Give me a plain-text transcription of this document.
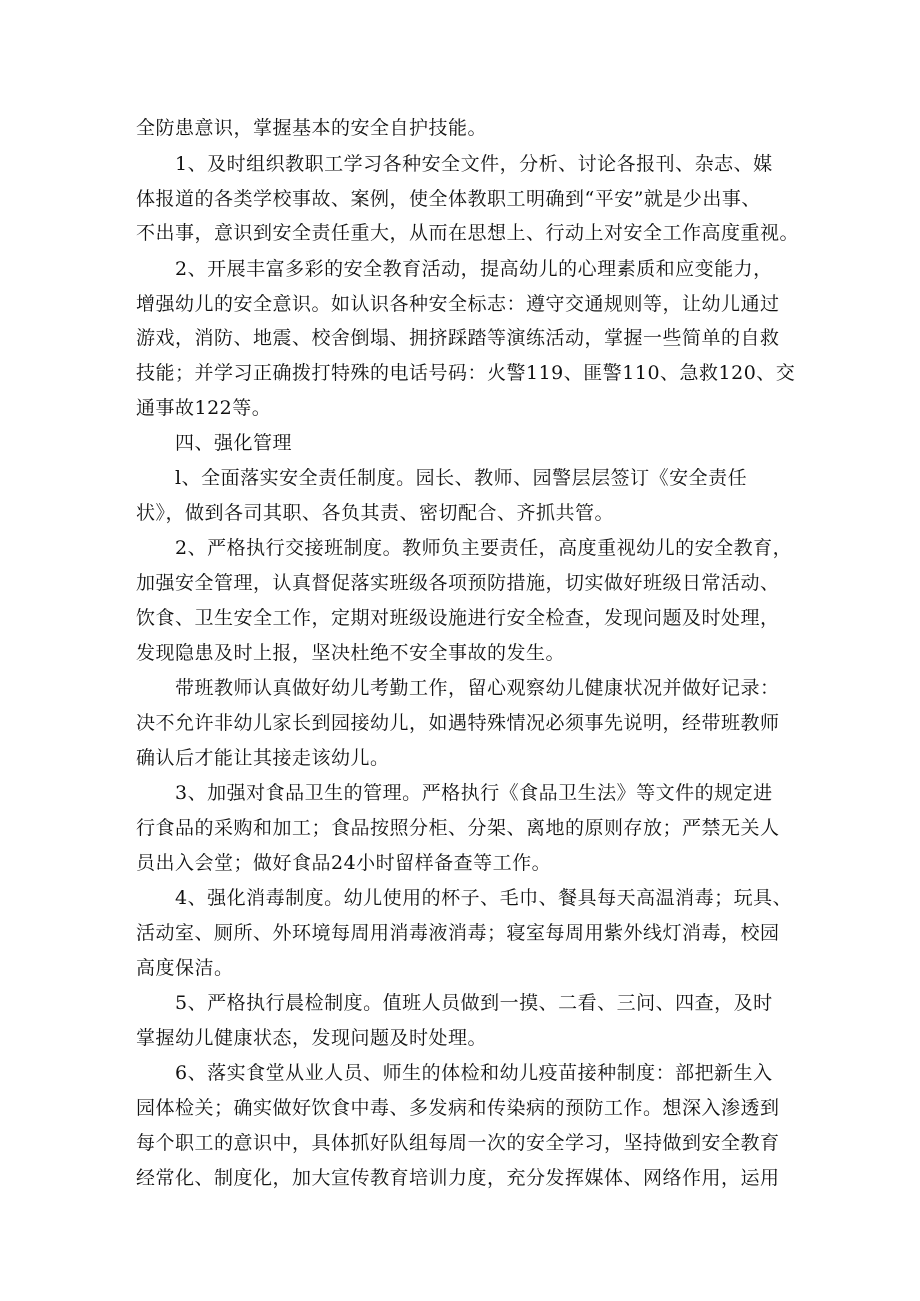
全防患意识，掌握基本的安全自护技能。
1、及时组织教职工学习各种安全文件，分析、讨论各报刊、杂志、媒
体报道的各类学校事故、案例，使全体教职工明确到“平安”就是少出事、
不出事，意识到安全责任重大，从而在思想上、行动上对安全工作高度重视。
2、开展丰富多彩的安全教育活动，提高幼儿的心理素质和应变能力，
增强幼儿的安全意识。如认识各种安全标志：遵守交通规则等，让幼儿通过
游戏，消防、地震、校舍倒塌、拥挤踩踏等演练活动，掌握一些简单的自救
技能；并学习正确拨打特殊的电话号码：火警119、匪警110、急救120、交
通事故122等。
四、强化管理
l、全面落实安全责任制度。园长、教师、园警层层签订《安全责任
状》，做到各司其职、各负其责、密切配合、齐抓共管。
2、严格执行交接班制度。教师负主要责任，高度重视幼儿的安全教育，
加强安全管理，认真督促落实班级各项预防措施，切实做好班级日常活动、
饮食、卫生安全工作，定期对班级设施进行安全检查，发现问题及时处理，
发现隐患及时上报，坚决杜绝不安全事故的发生。
带班教师认真做好幼儿考勤工作，留心观察幼儿健康状况并做好记录：
决不允许非幼儿家长到园接幼儿，如遇特殊情况必须事先说明，经带班教师
确认后才能让其接走该幼儿。
3、加强对食品卫生的管理。严格执行《食品卫生法》等文件的规定进
行食品的采购和加工；食品按照分柜、分架、离地的原则存放；严禁无关人
员出入会堂；做好食品24小时留样备查等工作。
4、强化消毒制度。幼儿使用的杯子、毛巾、餐具每天高温消毒；玩具、
活动室、厕所、外环境每周用消毒液消毒；寝室每周用紫外线灯消毒，校园
高度保洁。
5、严格执行晨检制度。值班人员做到一摸、二看、三问、四查，及时
掌握幼儿健康状态，发现问题及时处理。
6、落实食堂从业人员、师生的体检和幼儿疫苗接种制度：部把新生入
园体检关；确实做好饮食中毒、多发病和传染病的预防工作。想深入渗透到
每个职工的意识中，具体抓好队组每周一次的安全学习，坚持做到安全教育
经常化、制度化，加大宣传教育培训力度，充分发挥媒体、网络作用，运用
